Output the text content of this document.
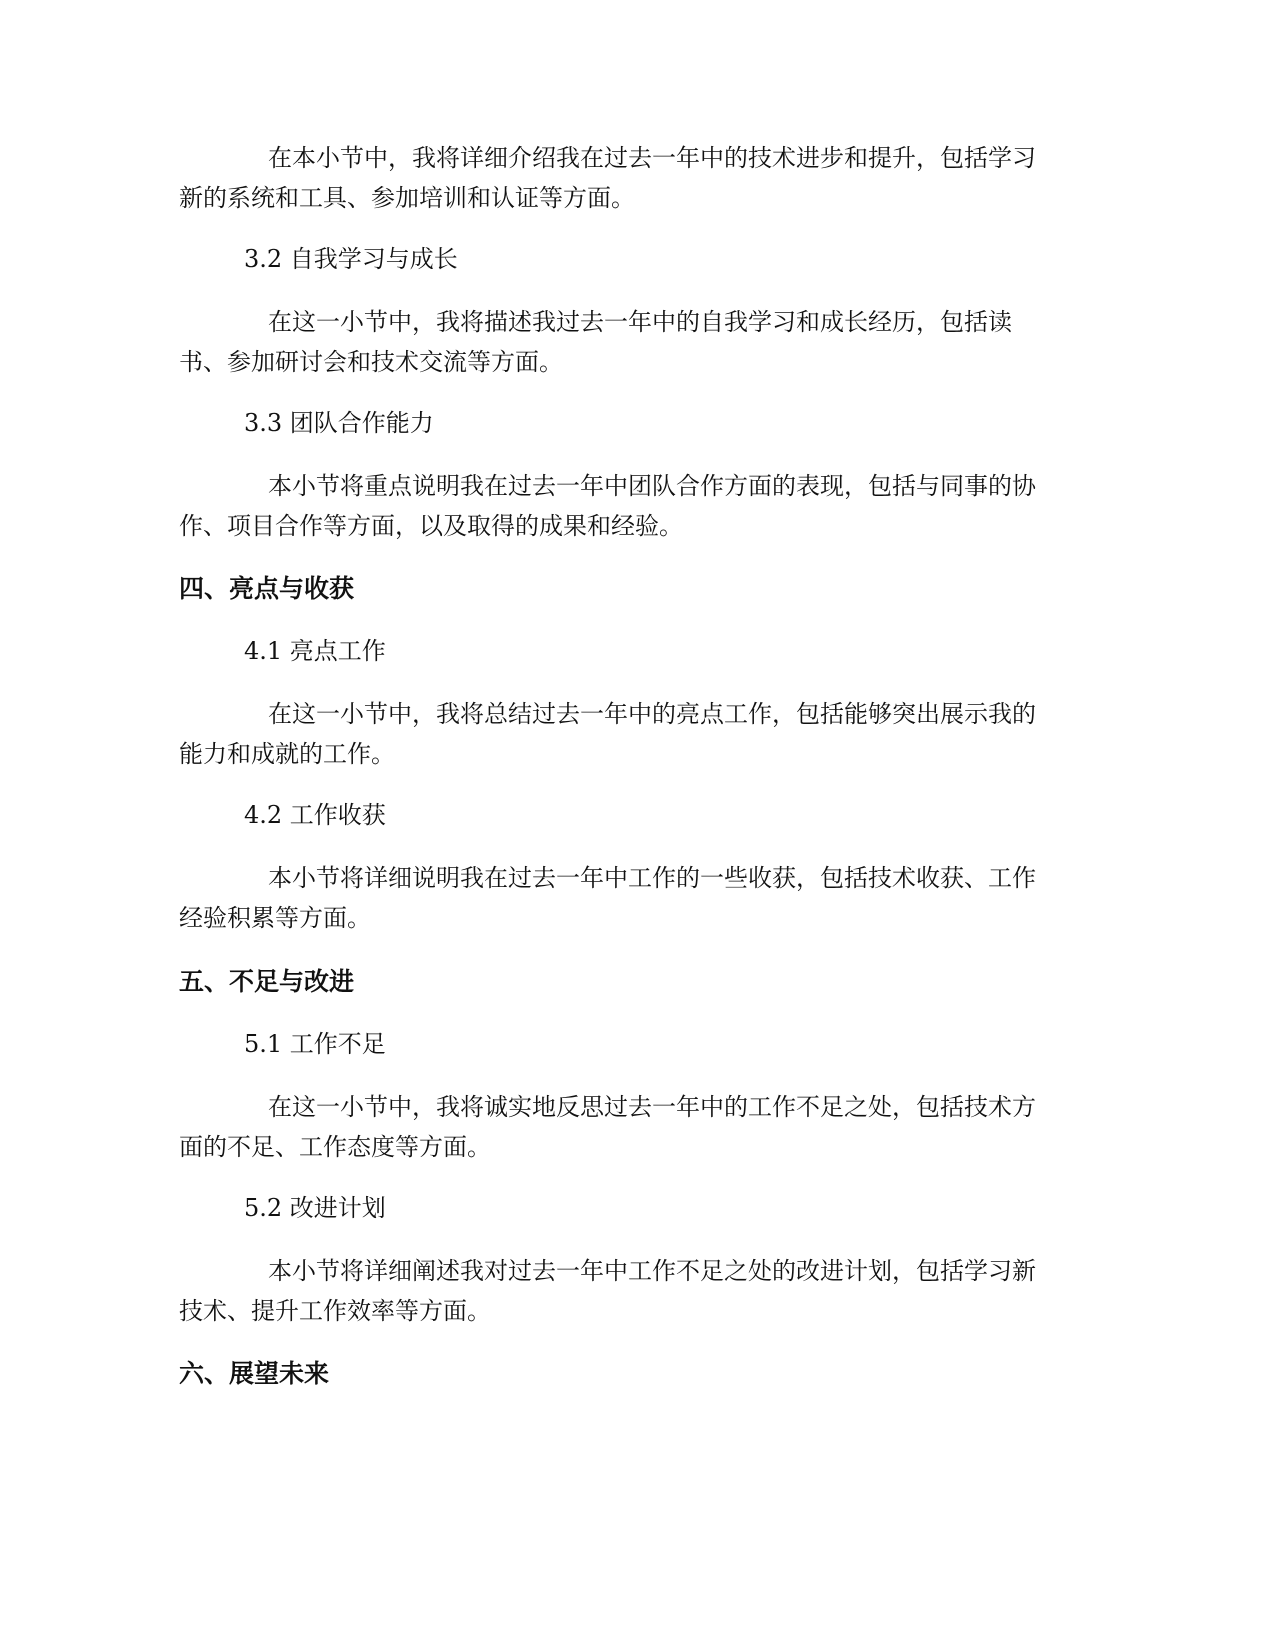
在本小节中，我将详细介绍我在过去一年中的技术进步和提升，包括学习

新的系统和工具、参加培训和认证等方面。

3.2 自我学习与成长

在这一小节中，我将描述我过去一年中的自我学习和成长经历，包括读

书、参加研讨会和技术交流等方面。

3.3 团队合作能力

本小节将重点说明我在过去一年中团队合作方面的表现，包括与同事的协

作、项目合作等方面，以及取得的成果和经验。

四、亮点与收获

4.1 亮点工作

在这一小节中，我将总结过去一年中的亮点工作，包括能够突出展示我的

能力和成就的工作。

4.2 工作收获

本小节将详细说明我在过去一年中工作的一些收获，包括技术收获、工作

经验积累等方面。

五、不足与改进

5.1 工作不足

在这一小节中，我将诚实地反思过去一年中的工作不足之处，包括技术方

面的不足、工作态度等方面。

5.2 改进计划

本小节将详细阐述我对过去一年中工作不足之处的改进计划，包括学习新

技术、提升工作效率等方面。

六、展望未来
